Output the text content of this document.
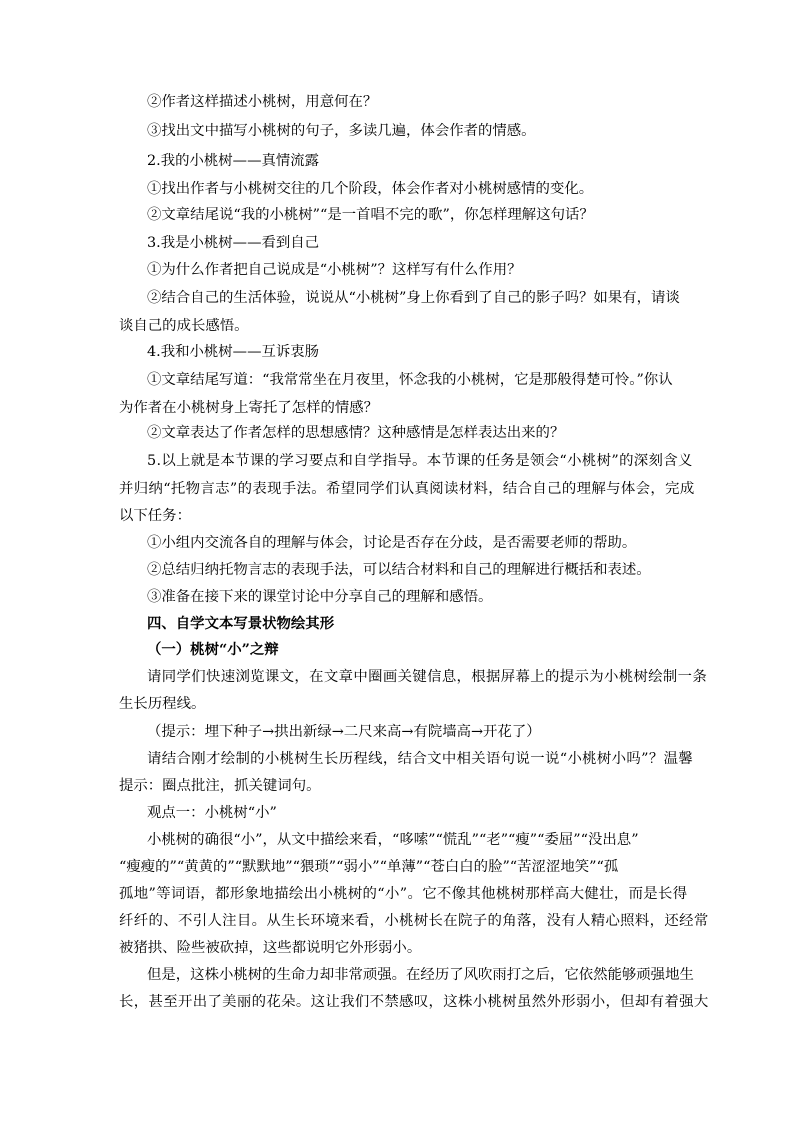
②作者这样描述小桃树，用意何在？
③找出文中描写小桃树的句子，多读几遍，体会作者的情感。
2.我的小桃树——真情流露
①找出作者与小桃树交往的几个阶段，体会作者对小桃树感情的变化。
②文章结尾说“我的小桃树”“是一首唱不完的歌”，你怎样理解这句话？
3.我是小桃树——看到自己
①为什么作者把自己说成是“小桃树”？这样写有什么作用？
②结合自己的生活体验，说说从“小桃树”身上你看到了自己的影子吗？如果有，请谈
谈自己的成长感悟。
4.我和小桃树——互诉衷肠
①文章结尾写道：“我常常坐在月夜里，怀念我的小桃树，它是那般得楚可怜。”你认
为作者在小桃树身上寄托了怎样的情感？
②文章表达了作者怎样的思想感情？这种感情是怎样表达出来的？
5.以上就是本节课的学习要点和自学指导。本节课的任务是领会“小桃树”的深刻含义
并归纳“托物言志”的表现手法。希望同学们认真阅读材料，结合自己的理解与体会，完成
以下任务：
①小组内交流各自的理解与体会，讨论是否存在分歧，是否需要老师的帮助。
②总结归纳托物言志的表现手法，可以结合材料和自己的理解进行概括和表述。
③准备在接下来的课堂讨论中分享自己的理解和感悟。
四、自学文本写景状物绘其形
（一）桃树“小”之辩
请同学们快速浏览课文，在文章中圈画关键信息，根据屏幕上的提示为小桃树绘制一条
生长历程线。
（提示：埋下种子→拱出新绿→二尺来高→有院墙高→开花了）
请结合刚才绘制的小桃树生长历程线，结合文中相关语句说一说“小桃树小吗”？温馨
提示：圈点批注，抓关键词句。
观点一：小桃树“小”
小桃树的确很“小”，从文中描绘来看，“哆嗦”“慌乱”“老”“瘦”“委屈”“没出息”
“瘦瘦的”“黄黄的”“默默地”“猥琐”“弱小”“单薄”“苍白白的脸”“苦涩涩地笑”“孤
孤地”等词语，都形象地描绘出小桃树的“小”。它不像其他桃树那样高大健壮，而是长得
纤纤的、不引人注目。从生长环境来看，小桃树长在院子的角落，没有人精心照料，还经常
被猪拱、险些被砍掉，这些都说明它外形弱小。
但是，这株小桃树的生命力却非常顽强。在经历了风吹雨打之后，它依然能够顽强地生
长，甚至开出了美丽的花朵。这让我们不禁感叹，这株小桃树虽然外形弱小，但却有着强大
